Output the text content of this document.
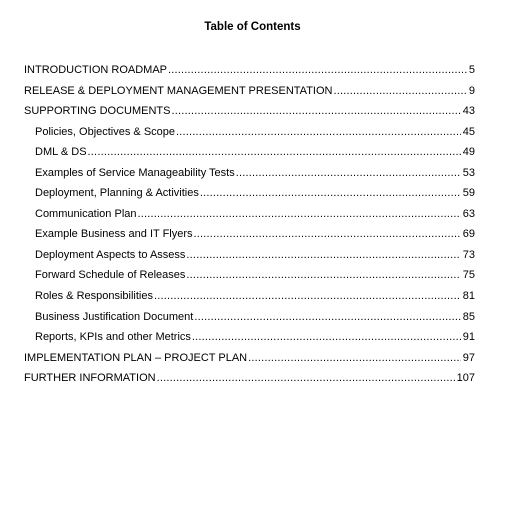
Table of Contents
INTRODUCTION ROADMAP .....	5
RELEASE & DEPLOYMENT MANAGEMENT PRESENTATION .....	9
SUPPORTING DOCUMENTS .....	43
Policies, Objectives & Scope .....	45
DML & DS .....	49
Examples of Service Manageability Tests .....	53
Deployment, Planning & Activities .....	59
Communication Plan .....	63
Example Business and IT Flyers .....	69
Deployment Aspects to Assess .....	73
Forward Schedule of Releases .....	75
Roles & Responsibilities .....	81
Business Justification Document .....	85
Reports, KPIs and other Metrics .....	91
IMPLEMENTATION PLAN – PROJECT PLAN .....	97
FURTHER INFORMATION .....	107
